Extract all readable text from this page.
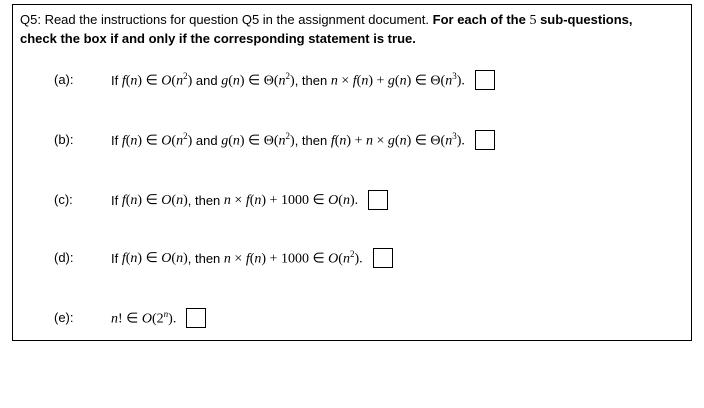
Q5: Read the instructions for question Q5 in the assignment document. For each of the 5 sub-questions,
check the box if and only if the corresponding statement is true.
(a):	If
f(n) ∈ $O(n^2)$
and
g(n) ∈ $\Theta(n^2)$ , then
n × f(n) + g(n) ∈ $\Theta(n^3)$.
(b):	If
f(n) ∈ $O(n^2)$
and
g(n) ∈ $\Theta(n^2)$ , then
f(n) + n × g(n) ∈ $\Theta(n^3)$.
(c):	If
f(n) ∈ O(n) , then
n × f(n) + 1000 ∈ O(n).
(d):	If
f(n) ∈ O(n) , then
n × f(n) + 1000 ∈ $O(n^2)$.
(e):	n! ∈ O(2$^n$).
